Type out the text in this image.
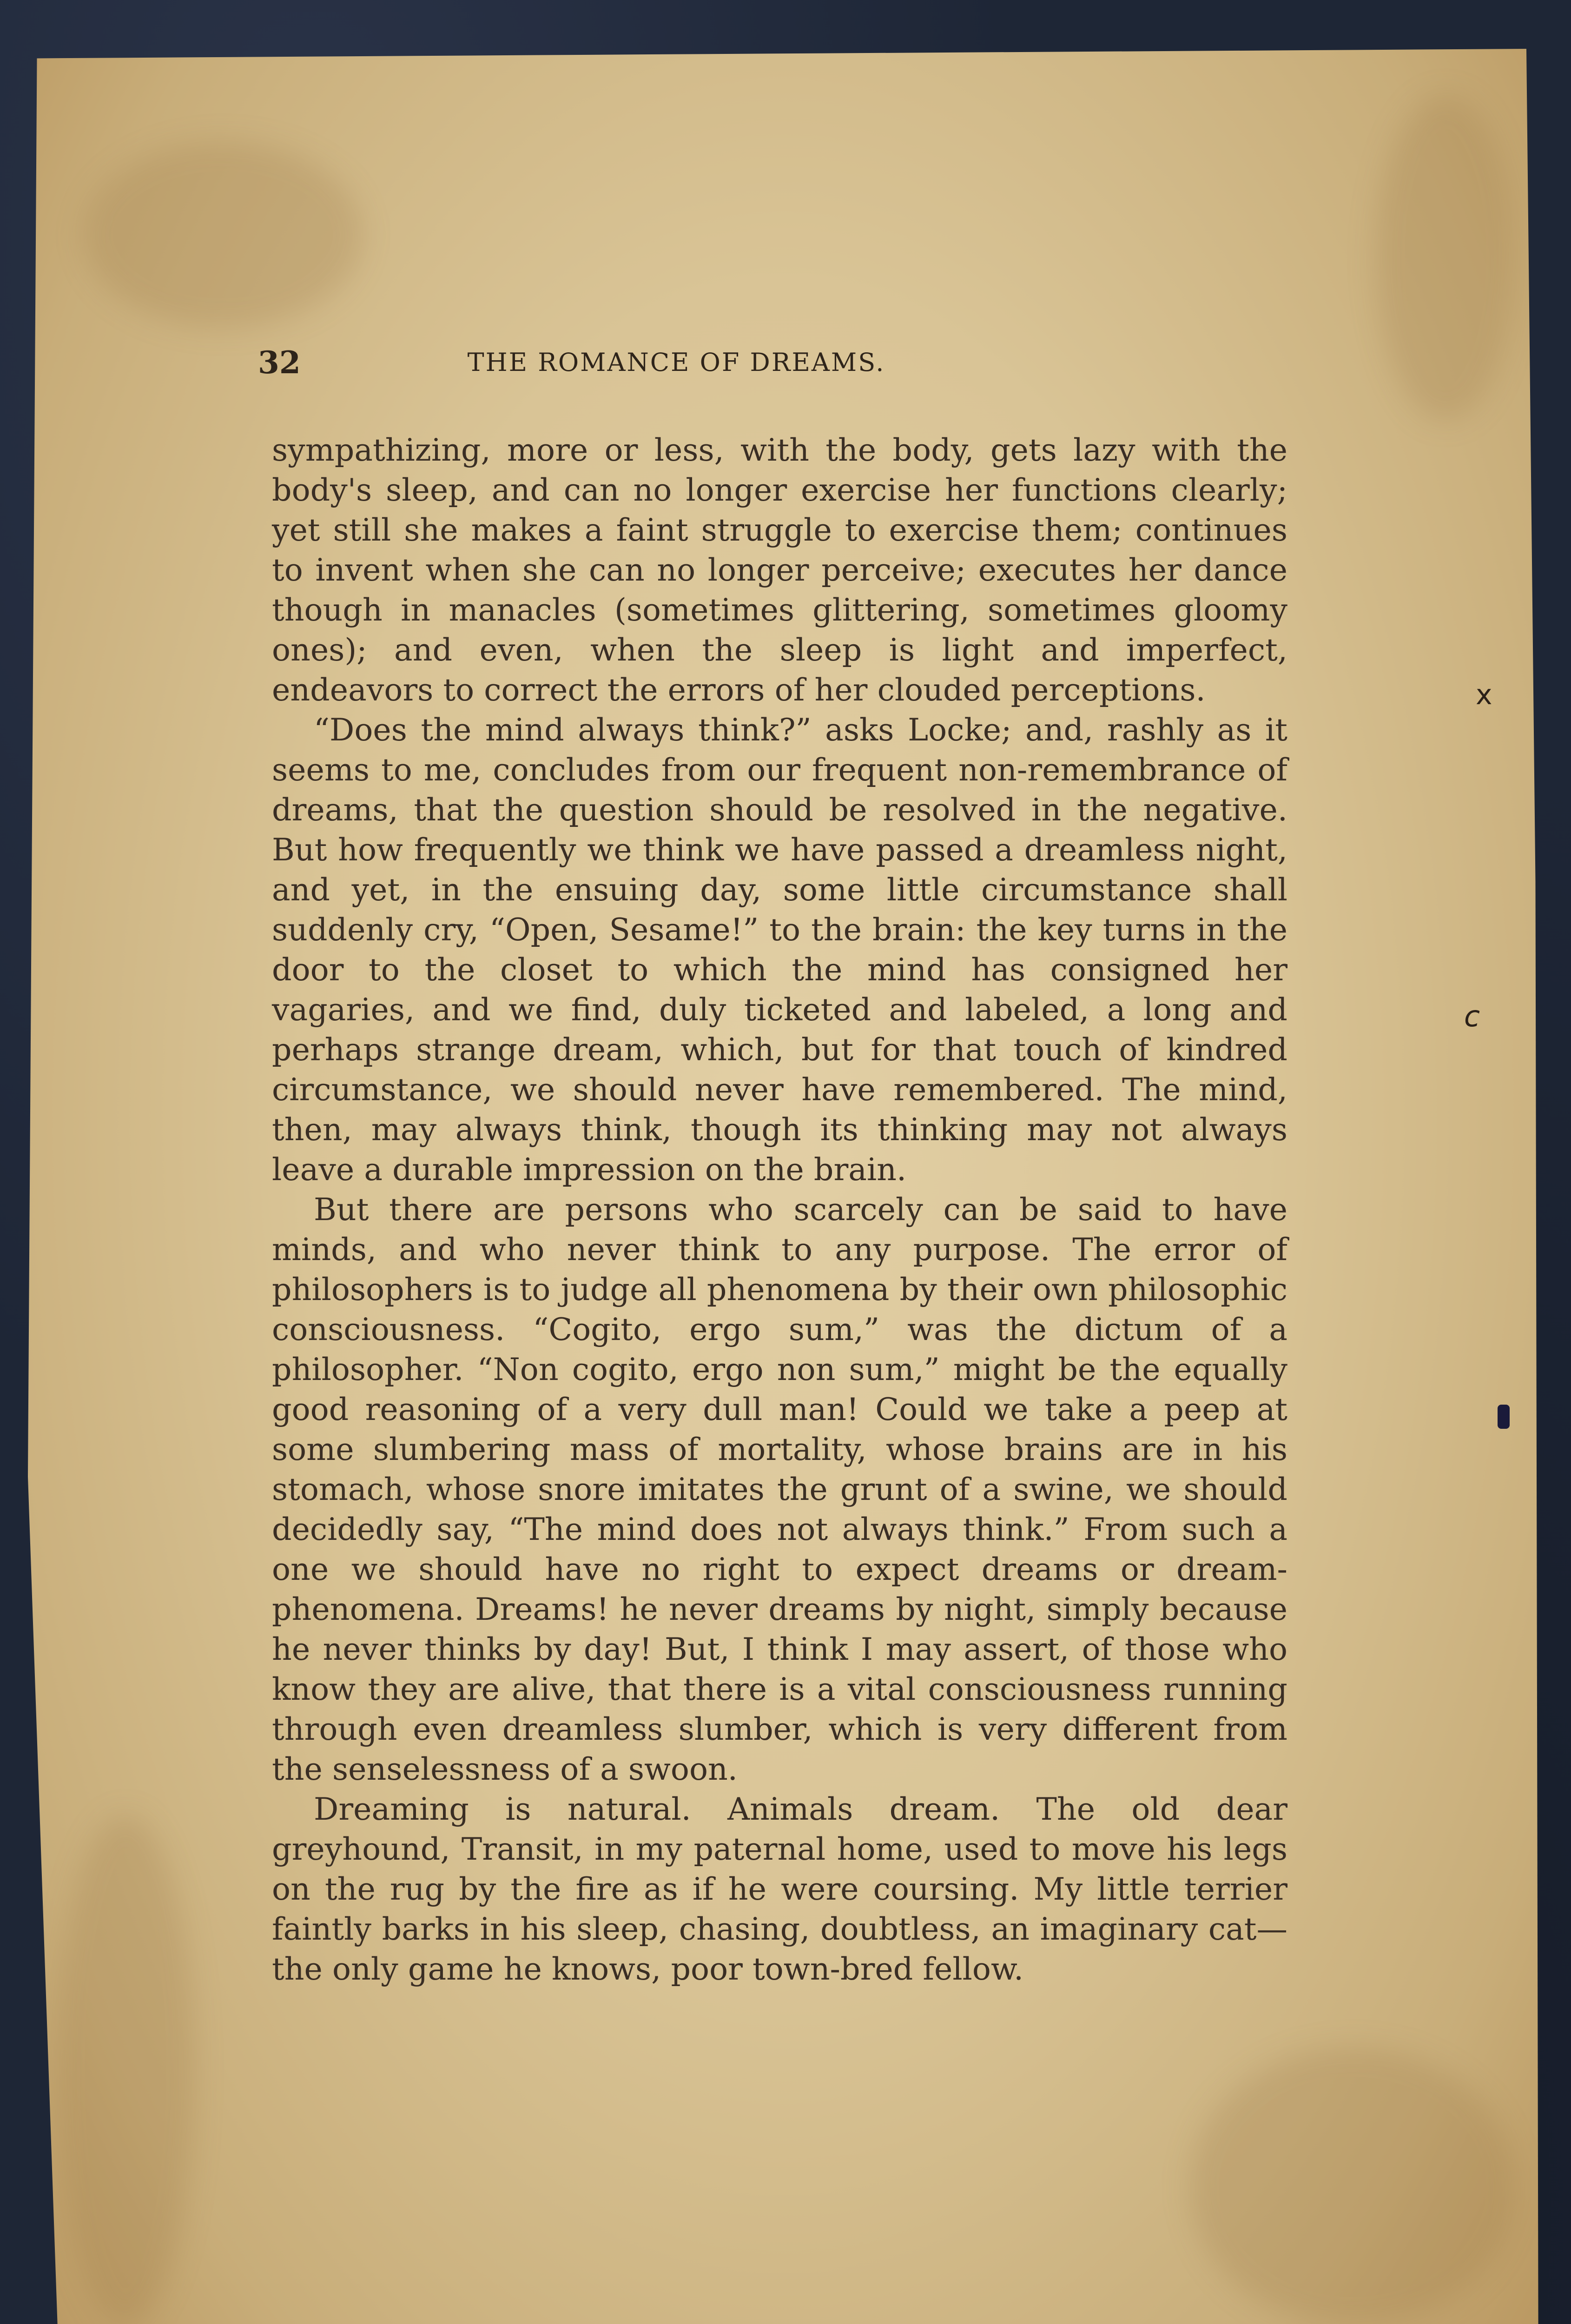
32	THE ROMANCE OF DREAMS.

sympathizing, more or less, with the body, gets lazy with the body's sleep, and can no longer exercise her functions clearly; yet still she makes a faint struggle to exercise them; continues to invent when she can no longer perceive; executes her dance though in manacles (sometimes glittering, sometimes gloomy ones); and even, when the sleep is light and imperfect, endeavors to correct the errors of her clouded perceptions.

“Does the mind always think?” asks Locke; and, rashly as it seems to me, concludes from our frequent non-remembrance of dreams, that the question should be resolved in the negative. But how frequently we think we have passed a dreamless night, and yet, in the ensuing day, some little circumstance shall suddenly cry, “Open, Sesame!” to the brain: the key turns in the door to the closet to which the mind has consigned her vagaries, and we find, duly ticketed and labeled, a long and perhaps strange dream, which, but for that touch of kindred circumstance, we should never have remembered. The mind, then, may always think, though its thinking may not always leave a durable impression on the brain.

But there are persons who scarcely can be said to have minds, and who never think to any purpose. The error of philosophers is to judge all phenomena by their own philosophic consciousness. “Cogito, ergo sum,” was the dictum of a philosopher. “Non cogito, ergo non sum,” might be the equally good reasoning of a very dull man! Could we take a peep at some slumbering mass of mortality, whose brains are in his stomach, whose snore imitates the grunt of a swine, we should decidedly say, “The mind does not always think.” From such a one we should have no right to expect dreams or dream-phenomena. Dreams! he never dreams by night, simply because he never thinks by day! But, I think I may assert, of those who know they are alive, that there is a vital consciousness running through even dreamless slumber, which is very different from the senselessness of a swoon.

Dreaming is natural. Animals dream. The old dear greyhound, Transit, in my paternal home, used to move his legs on the rug by the fire as if he were coursing. My little terrier faintly barks in his sleep, chasing, doubtless, an imaginary cat—the only game he knows, poor town-bred fellow.

x
c
